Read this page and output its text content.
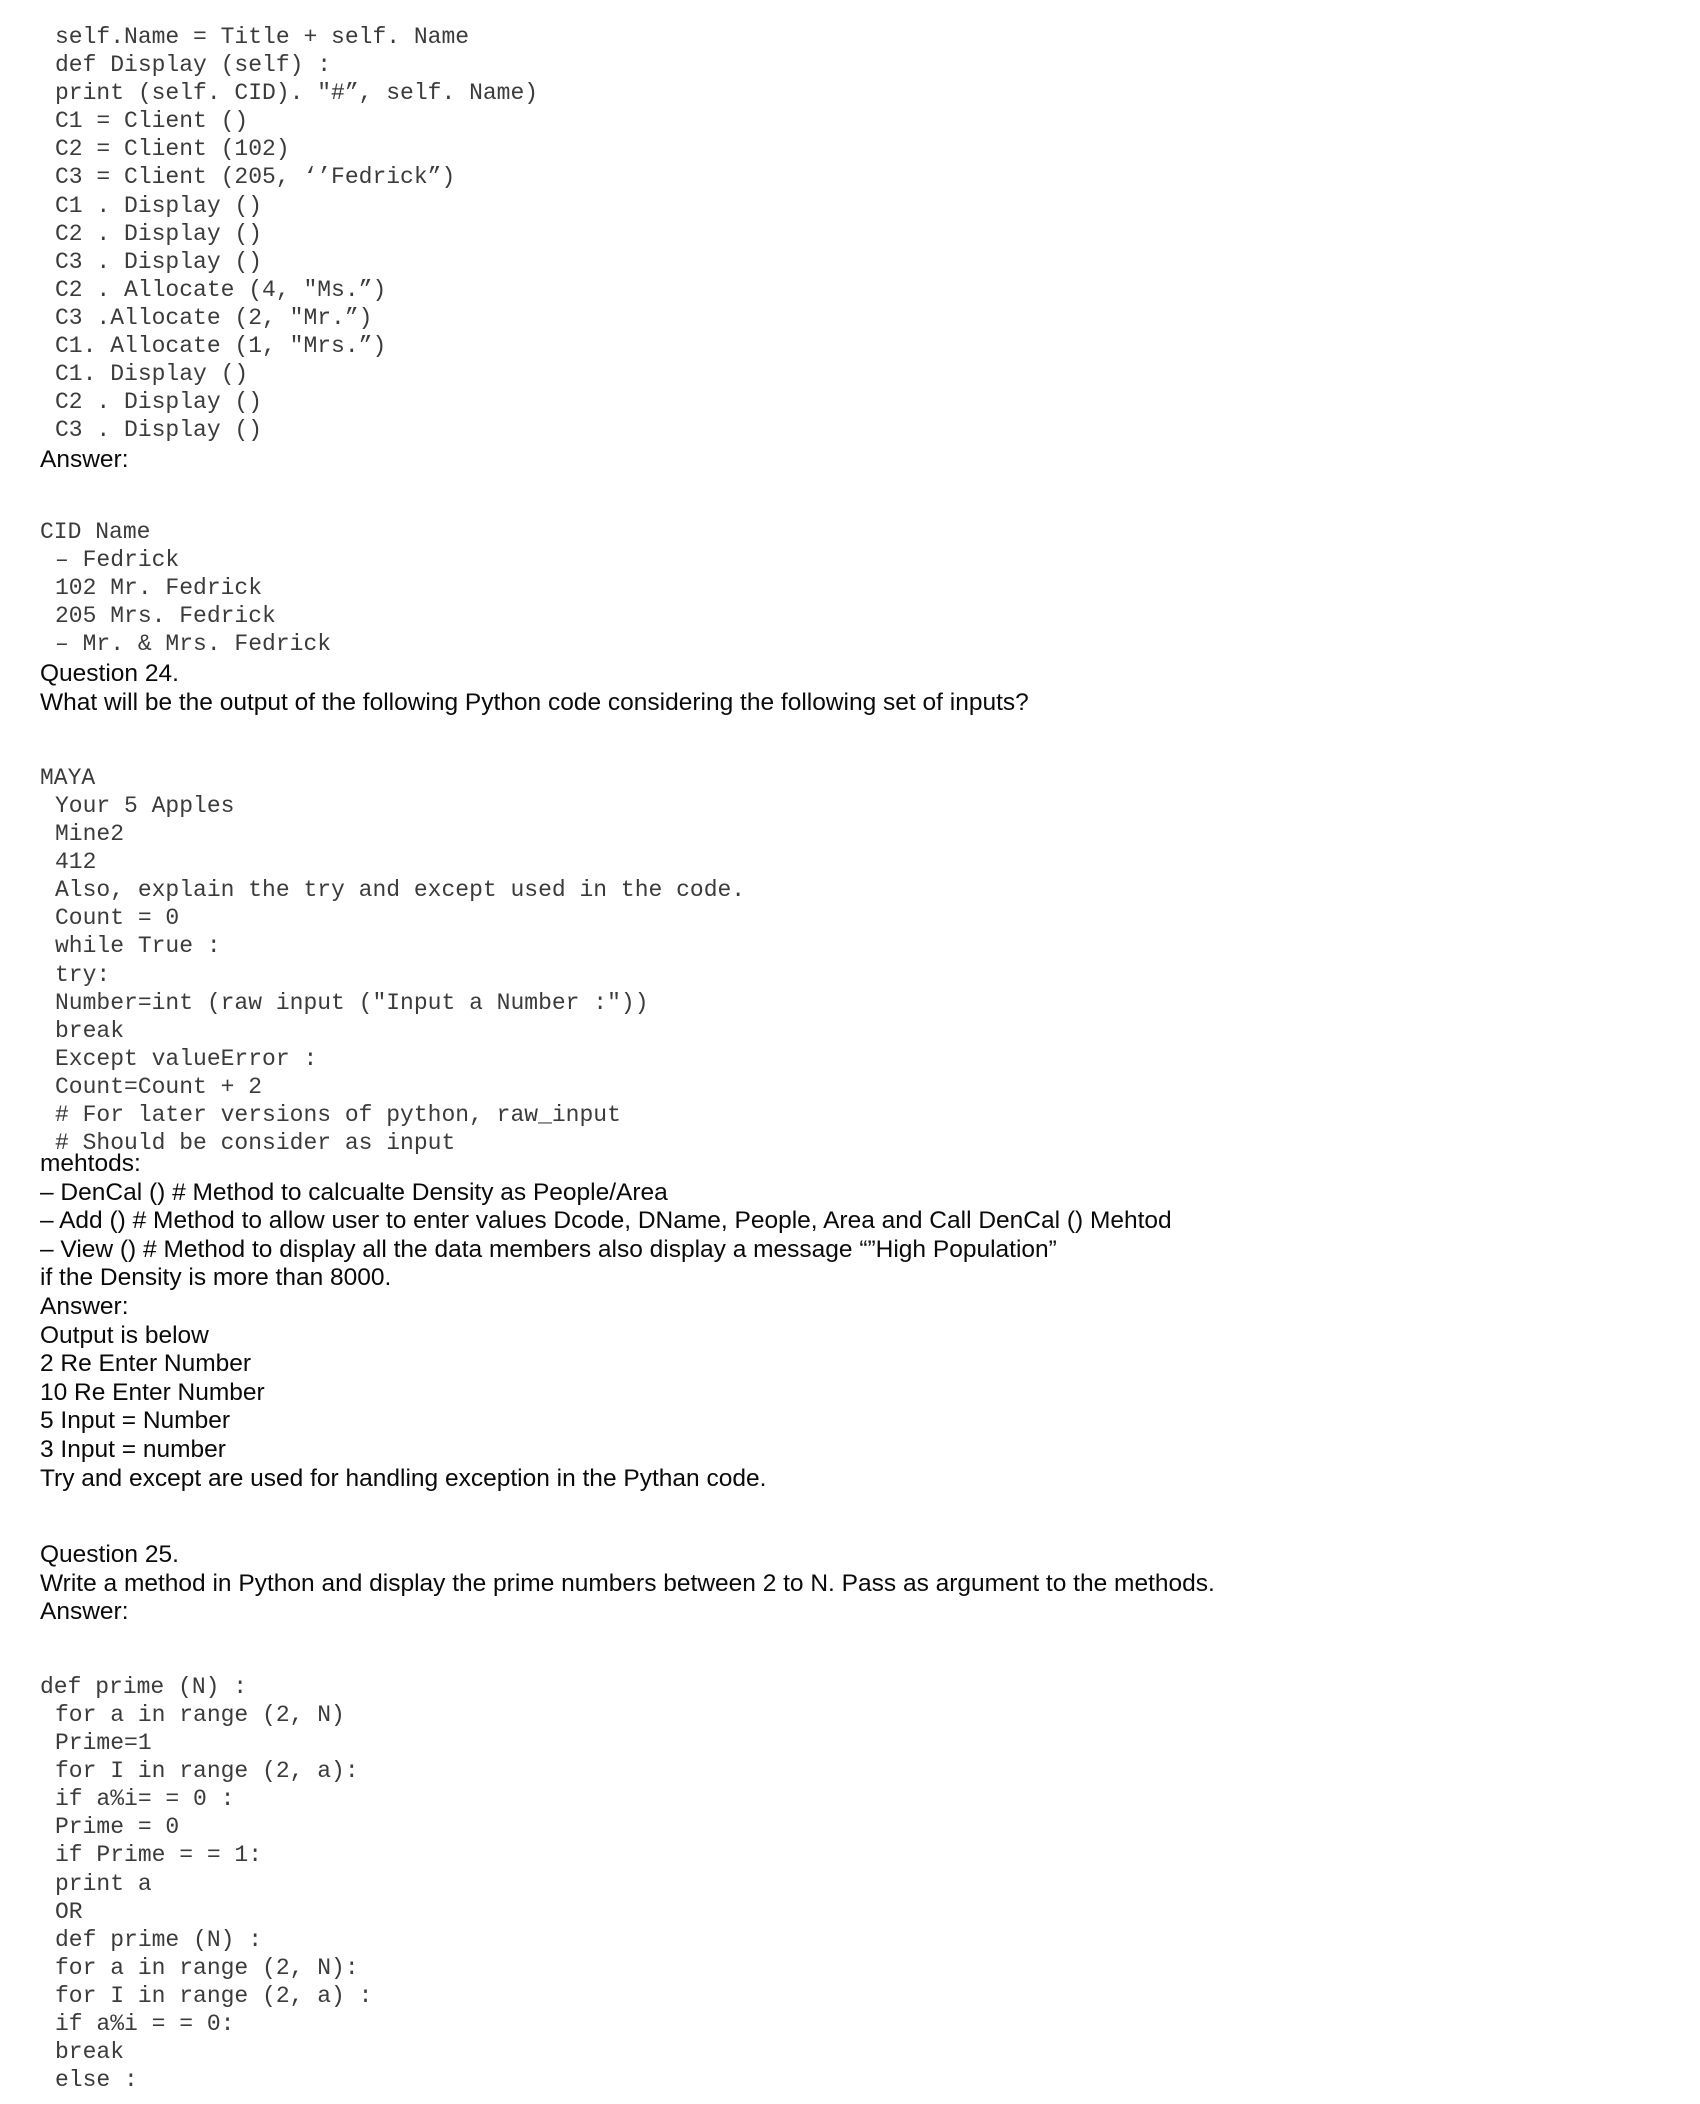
self.Name = Title + self. Name
def Display (self) :
print (self. CID). "#”, self. Name)
C1 = Client ()
C2 = Client (102)
C3 = Client (205, ‘’Fedrick”)
C1 . Display ()
C2 . Display ()
C3 . Display ()
C2 . Allocate (4, "Ms.”)
C3 .Allocate (2, "Mr.”)
C1. Allocate (1, "Mrs.”)
C1. Display ()
C2 . Display ()
C3 . Display ()
Answer:
CID Name
– Fedrick
102 Mr. Fedrick
205 Mrs. Fedrick
– Mr. & Mrs. Fedrick
Question 24.
What will be the output of the following Python code considering the following set of inputs?
MAYA
Your 5 Apples
Mine2
412
Also, explain the try and except used in the code.
Count = 0
while True :
try:
Number=int (raw input ("Input a Number :"))
break
Except valueError :
Count=Count + 2
# For later versions of python, raw_input
# Should be consider as input
mehtods:
– DenCal () # Method to calcualte Density as People/Area
– Add () # Method to allow user to enter values Dcode, DName, People, Area and Call DenCal () Mehtod
– View () # Method to display all the data members also display a message “”High Population”
if the Density is more than 8000.
Answer:
Output is below
2 Re Enter Number
10 Re Enter Number
5 Input = Number
3 Input = number
Try and except are used for handling exception in the Pythan code.
Question 25.
Write a method in Python and display the prime numbers between 2 to N. Pass as argument to the methods.
Answer:
def prime (N) :
for a in range (2, N)
Prime=1
for I in range (2, a):
if a%i= = 0 :
Prime = 0
if Prime = = 1:
print a
OR
def prime (N) :
for a in range (2, N):
for I in range (2, a) :
if a%i = = 0:
break
else :
